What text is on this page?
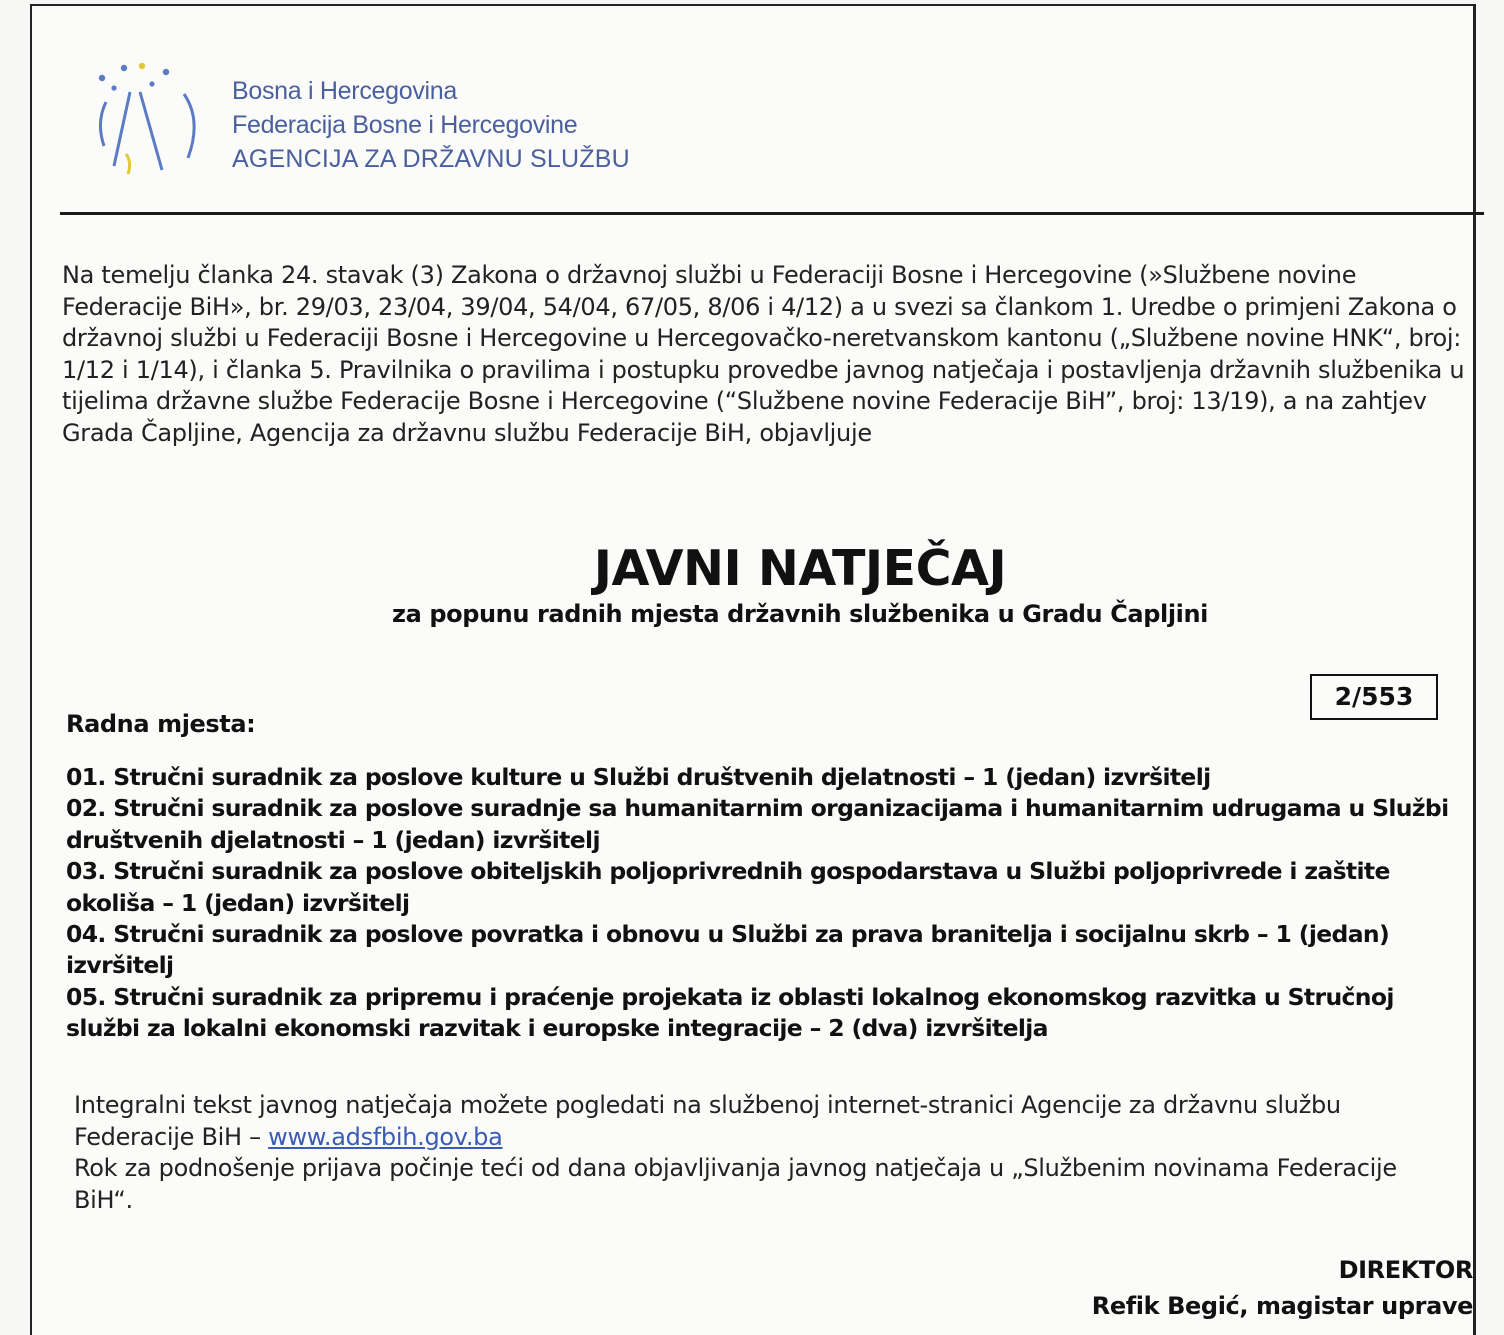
Bosna i Hercegovina
Federacija Bosne i Hercegovine
AGENCIJA ZA DRŽAVNU SLUŽBU
Na temelju članka 24. stavak (3) Zakona o državnoj službi u Federaciji Bosne i Hercegovine (»Službene novine Federacije BiH», br. 29/03, 23/04, 39/04, 54/04, 67/05, 8/06 i 4/12) a u svezi sa člankom 1. Uredbe o primjeni Zakona o državnoj službi u Federaciji Bosne i Hercegovine u Hercegovačko-neretvanskom kantonu („Službene novine HNK“, broj: 1/12 i 1/14), i članka 5. Pravilnika o pravilima i postupku provedbe javnog natječaja i postavljenja državnih službenika u tijelima državne službe Federacije Bosne i Hercegovine (“Službene novine Federacije BiH”, broj: 13/19), a na zahtjev Grada Čapljine, Agencija za državnu službu Federacije BiH, objavljuje
JAVNI NATJEČAJ
za popunu radnih mjesta državnih službenika u Gradu Čapljini
2/553
Radna mjesta:
01. Stručni suradnik za poslove kulture u Službi društvenih djelatnosti – 1 (jedan) izvršitelj
02. Stručni suradnik za poslove suradnje sa humanitarnim organizacijama i humanitarnim udrugama u Službi društvenih djelatnosti – 1 (jedan) izvršitelj
03. Stručni suradnik za poslove obiteljskih poljoprivrednih gospodarstava u Službi poljoprivrede i zaštite okoliša – 1 (jedan) izvršitelj
04. Stručni suradnik za poslove povratka i obnovu u Službi za prava branitelja i socijalnu skrb – 1 (jedan) izvršitelj
05. Stručni suradnik za pripremu i praćenje projekata iz oblasti lokalnog ekonomskog razvitka u Stručnoj službi za lokalni ekonomski razvitak i europske integracije – 2 (dva) izvršitelja
Integralni tekst javnog natječaja možete pogledati na službenoj internet-stranici Agencije za državnu službu Federacije BiH – www.adsfbih.gov.ba
Rok za podnošenje prijava počinje teći od dana objavljivanja javnog natječaja u „Službenim novinama Federacije BiH“.
DIREKTOR
Refik Begić, magistar uprave
